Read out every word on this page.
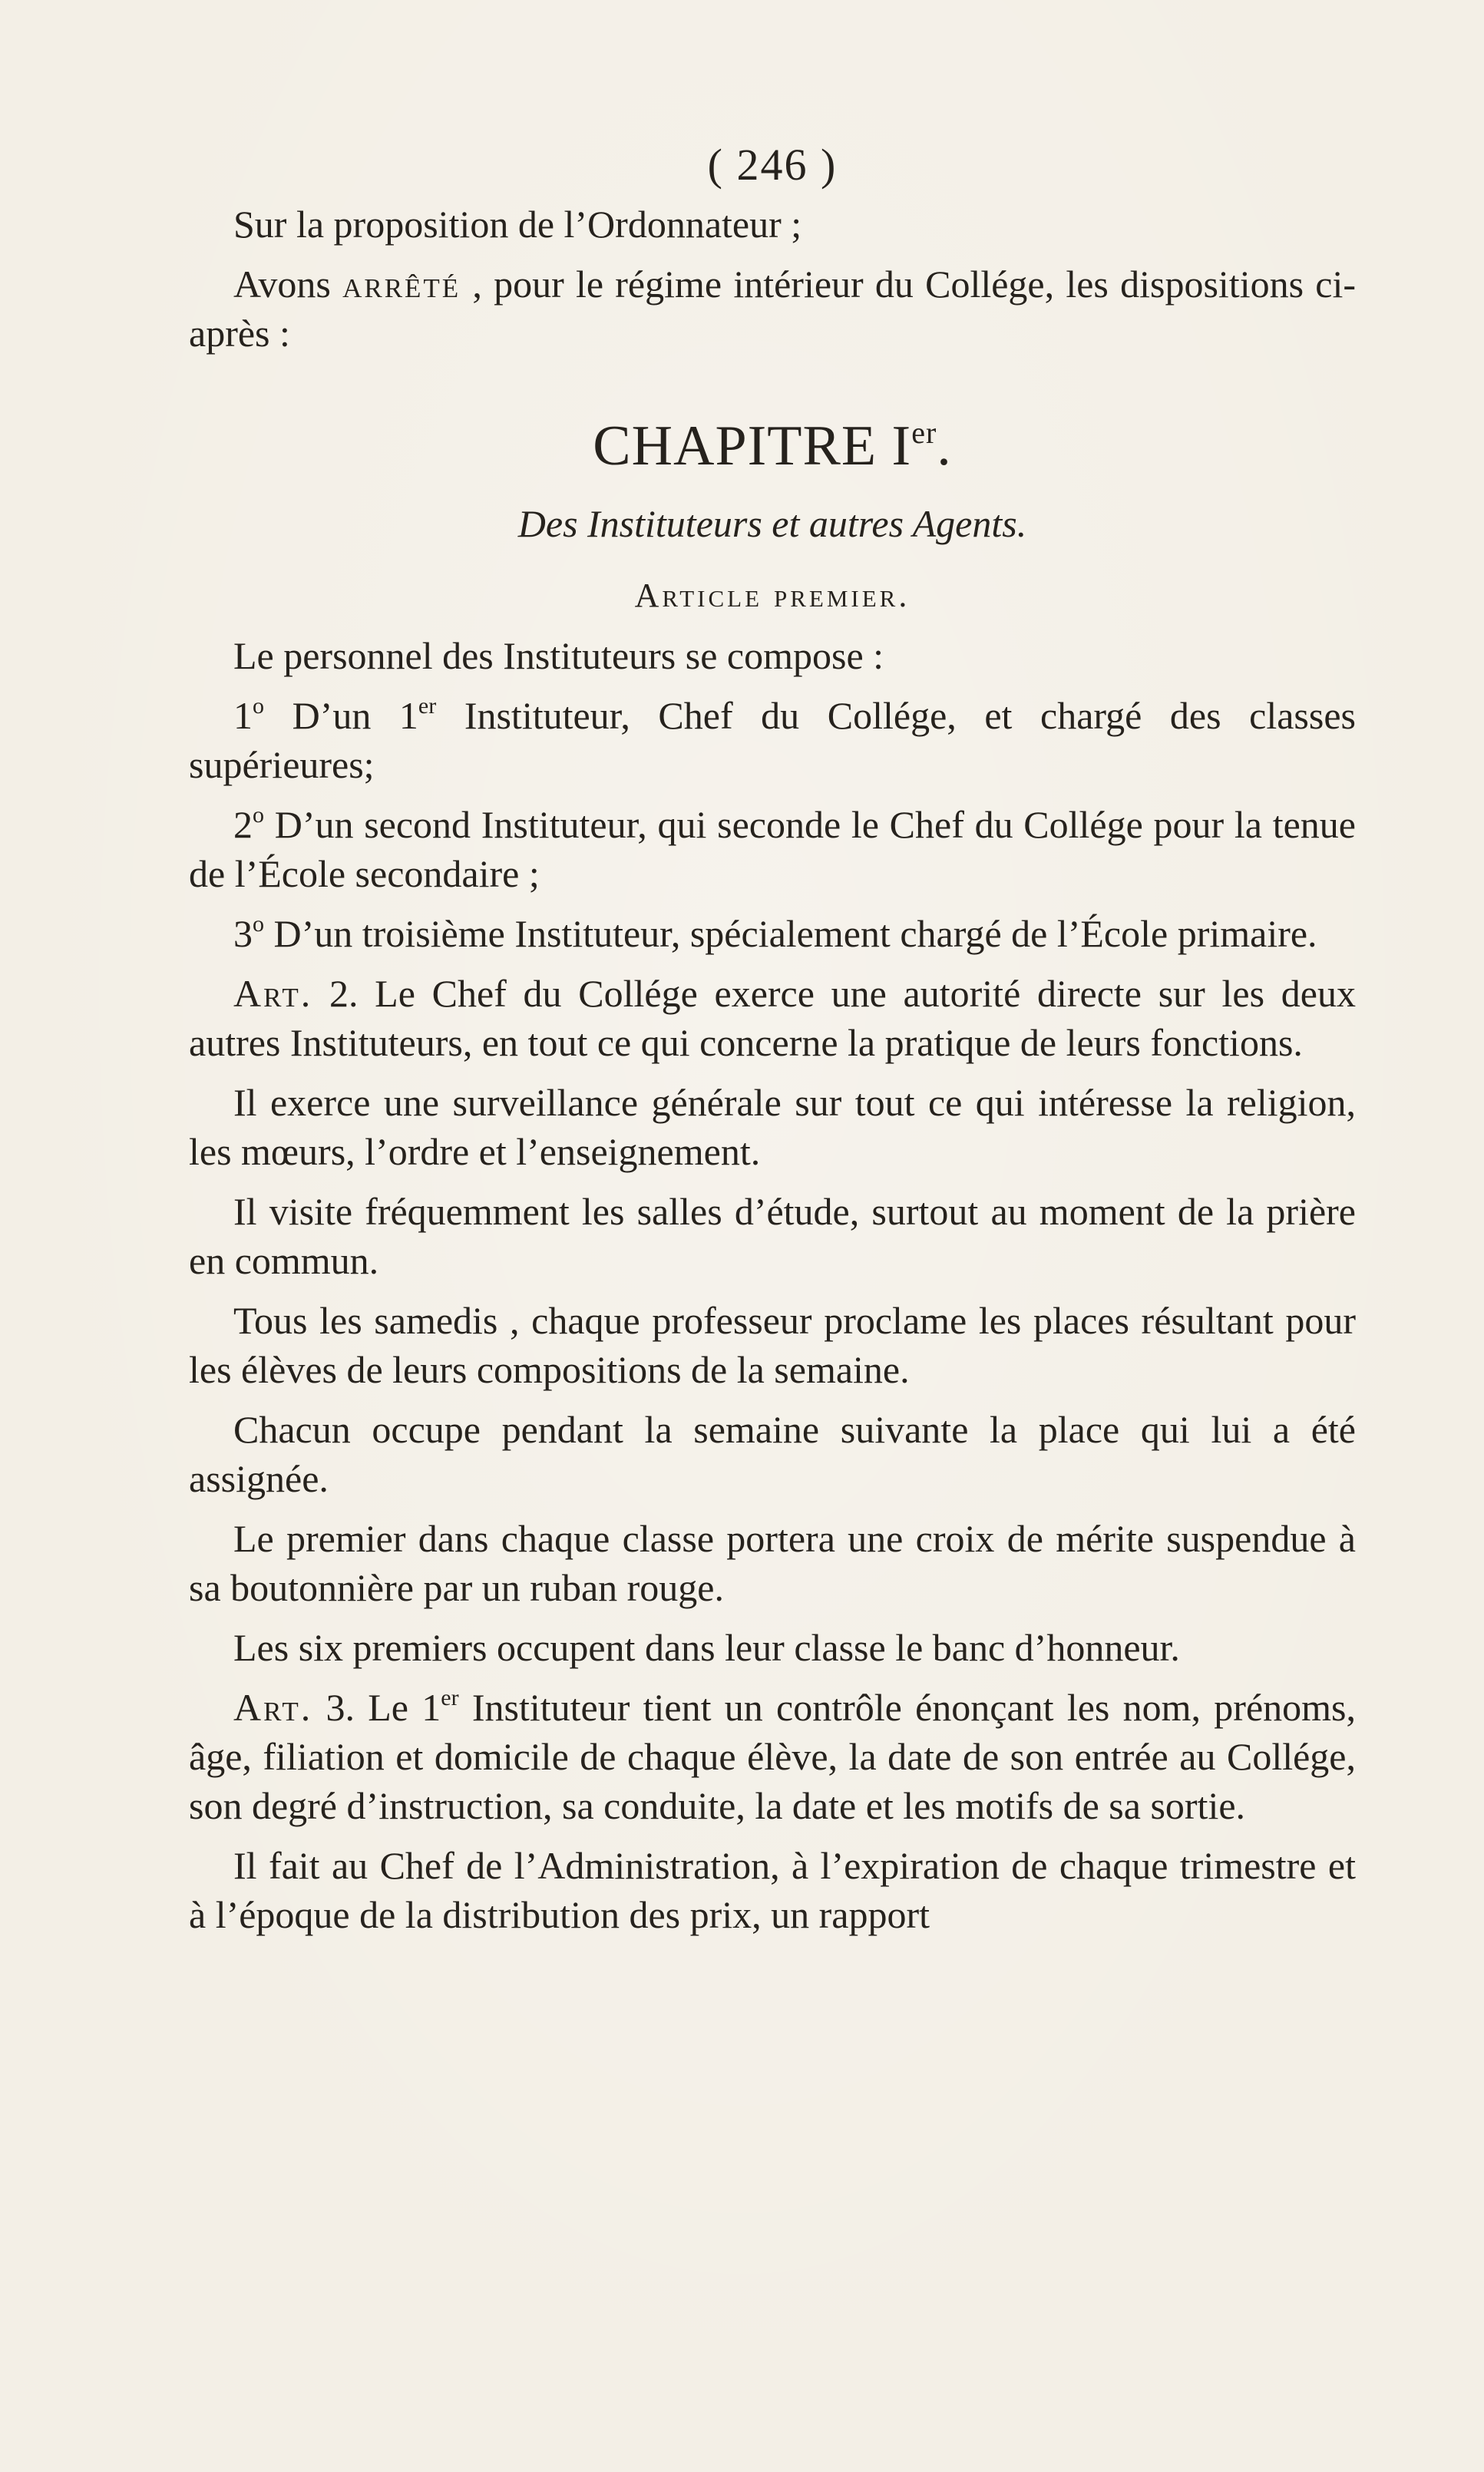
( 246 )

Sur la proposition de l’Ordonnateur ;

Avons arrêté , pour le régime intérieur du Collége, les dispositions ci-après :

CHAPITRE Ier.
Des Instituteurs et autres Agents.
Article premier.

Le personnel des Instituteurs se compose :

1$^o$ D’un 1er Instituteur, Chef du Collége, et chargé des classes supérieures;

2$^o$ D’un second Instituteur, qui seconde le Chef du Collége pour la tenue de l’École secondaire ;

3$^o$ D’un troisième Instituteur, spécialement chargé de l’École primaire.

Art. 2. Le Chef du Collége exerce une autorité directe sur les deux autres Instituteurs, en tout ce qui concerne la pratique de leurs fonctions.

Il exerce une surveillance générale sur tout ce qui intéresse la religion, les mœurs, l’ordre et l’enseignement.

Il visite fréquemment les salles d’étude, surtout au moment de la prière en commun.

Tous les samedis , chaque professeur proclame les places résultant pour les élèves de leurs compositions de la semaine.

Chacun occupe pendant la semaine suivante la place qui lui a été assignée.

Le premier dans chaque classe portera une croix de mérite suspendue à sa boutonnière par un ruban rouge.

Les six premiers occupent dans leur classe le banc d’honneur.

Art. 3. Le 1er Instituteur tient un contrôle énonçant les nom, prénoms, âge, filiation et domicile de chaque élève, la date de son entrée au Collége, son degré d’instruction, sa conduite, la date et les motifs de sa sortie.

Il fait au Chef de l’Administration, à l’expiration de chaque trimestre et à l’époque de la distribution des prix, un rapport
